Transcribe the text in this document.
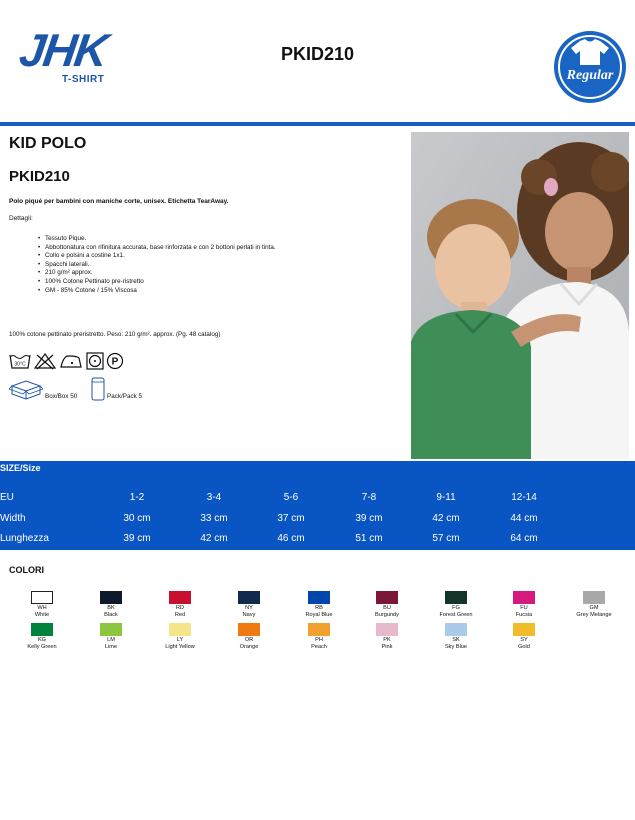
JHK
T-SHIRT
PKID210
Regular
KID POLO
PKID210
Polo piqué per bambini con maniche corte, unisex. Etichetta TearAway.
Dettagli:
• Tessuto Pique.
• Abbottonatura con rifinitura accurata, base rinforzata e con 2 bottoni perlati in tinta.
• Collo e polsini a costine 1x1.
• Spacchi laterali.
• 210 g/m² approx.
• 100% Cotone Pettinato pre-ristretto
• GM - 85% Cotone / 15% Viscosa
100% cotone pettinato preristretto. Peso: 210 g/m². approx. (Pg. 48 catalog)
30°C	P
Box/Box 50	Pack/Pack 5
SIZE/Size
EU	1-2	3-4	5-6	7-8	9-11	12-14
Width	30 cm	33 cm	37 cm	39 cm	42 cm	44 cm
Lunghezza	39 cm	42 cm	46 cm	51 cm	57 cm	64 cm
COLORI
WH
White
BK
Black
RD
Red
NY
Navy
RB
Royal Blue
BU
Burgundy
FG
Forest Green
FU
Fucsia
GM
Grey Melange
KG
Kelly Green
LM
Lime
LY
Light Yellow
OR
Orange
PH
Peach
PK
Pink
SK
Sky Blue
SY
Gold
